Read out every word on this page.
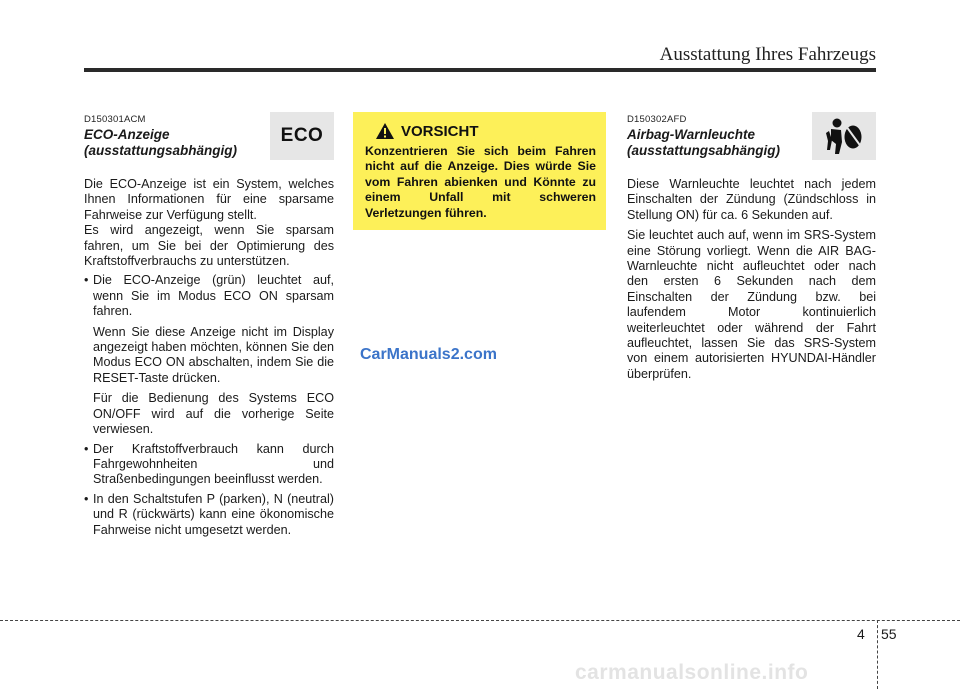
Ausstattung Ihres Fahrzeugs
D150301ACM
ECO-Anzeige
(ausstattungsabhängig)
ECO

Die ECO-Anzeige ist ein System, welches Ihnen Informationen für eine sparsame Fahrweise zur Verfügung stellt.

Es wird angezeigt, wenn Sie sparsam fahren, um Sie bei der Optimierung des Kraftstoffverbrauchs zu unterstützen.

• Die ECO-Anzeige (grün) leuchtet auf, wenn Sie im Modus ECO ON sparsam fahren.
Wenn Sie diese Anzeige nicht im Display angezeigt haben möchten, können Sie den Modus ECO ON abschalten, indem Sie die RESET-Taste drücken.
Für die Bedienung des Systems ECO ON/OFF wird auf die vorherige Seite verwiesen.
• Der Kraftstoffverbrauch kann durch Fahrgewohnheiten und Straßenbedingungen beeinflusst werden.
• In den Schaltstufen P (parken), N (neutral) und R (rückwärts) kann eine ökonomische Fahrweise nicht umgesetzt werden.
VORSICHT
Konzentrieren Sie sich beim Fahren nicht auf die Anzeige. Dies würde Sie vom Fahren abienken und Könnte zu einem Unfall mit schweren Verletzungen führen.
CarManuals2.com
D150302AFD
Airbag-Warnleuchte
(ausstattungsabhängig)

Diese Warnleuchte leuchtet nach jedem Einschalten der Zündung (Zündschloss in Stellung ON) für ca. 6 Sekunden auf.

Sie leuchtet auch auf, wenn im SRS-System eine Störung vorliegt. Wenn die AIR BAG-Warnleuchte nicht aufleuchtet oder nach den ersten 6 Sekunden nach dem Einschalten der Zündung bzw. bei laufendem Motor kontinuierlich weiterleuchtet oder während der Fahrt aufleuchtet, lassen Sie das SRS-System von einem autorisierten HYUNDAI-Händler überprüfen.

4 55
carmanualsonline.info
